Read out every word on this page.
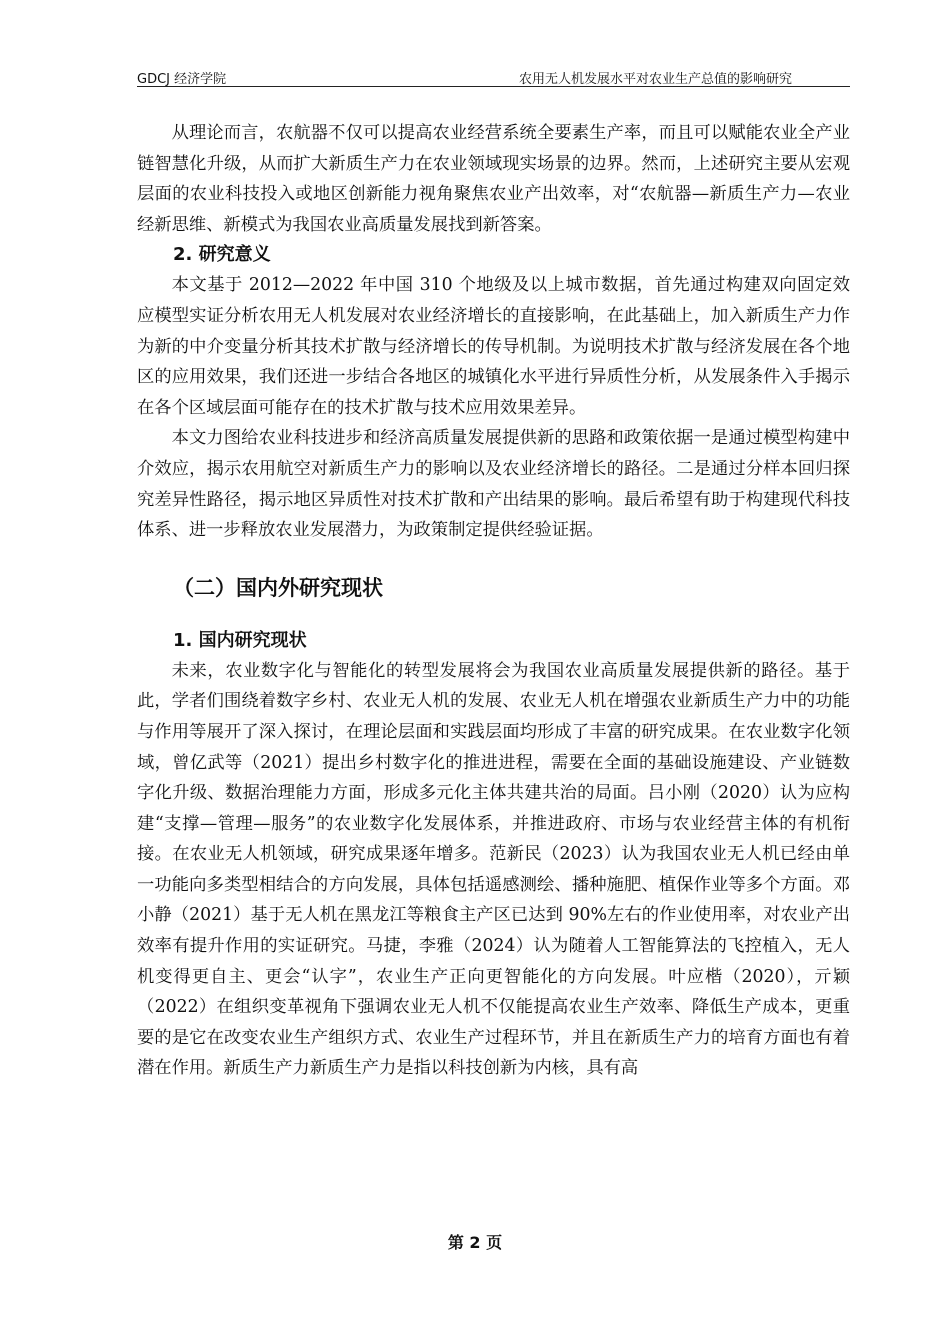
GDCJ 经济学院	农用无人机发展水平对农业生产总值的影响研究

从理论而言，农航器不仅可以提高农业经营系统全要素生产率，而且可以赋能农业全产业链智慧化升级，从而扩大新质生产力在农业领域现实场景的边界。然而，上述研究主要从宏观层面的农业科技投入或地区创新能力视角聚焦农业产出效率，对“农航器—新质生产力—农业经新思维、新模式为我国农业高质量发展找到新答案。

2. 研究意义

本文基于 2012—2022 年中国 310 个地级及以上城市数据，首先通过构建双向固定效应模型实证分析农用无人机发展对农业经济增长的直接影响，在此基础上，加入新质生产力作为新的中介变量分析其技术扩散与经济增长的传导机制。为说明技术扩散与经济发展在各个地区的应用效果，我们还进一步结合各地区的城镇化水平进行异质性分析，从发展条件入手揭示在各个区域层面可能存在的技术扩散与技术应用效果差异。

本文力图给农业科技进步和经济高质量发展提供新的思路和政策依据一是通过模型构建中介效应，揭示农用航空对新质生产力的影响以及农业经济增长的路径。二是通过分样本回归探究差异性路径，揭示地区异质性对技术扩散和产出结果的影响。最后希望有助于构建现代科技体系、进一步释放农业发展潜力，为政策制定提供经验证据。

（二）国内外研究现状
1. 国内研究现状

未来，农业数字化与智能化的转型发展将会为我国农业高质量发展提供新的路径。基于此，学者们围绕着数字乡村、农业无人机的发展、农业无人机在增强农业新质生产力中的功能与作用等展开了深入探讨，在理论层面和实践层面均形成了丰富的研究成果。在农业数字化领域，曾亿武等（2021）提出乡村数字化的推进进程，需要在全面的基础设施建设、产业链数字化升级、数据治理能力方面，形成多元化主体共建共治的局面。吕小刚（2020）认为应构建“支撑—管理—服务”的农业数字化发展体系，并推进政府、市场与农业经营主体的有机衔接。在农业无人机领域，研究成果逐年增多。范新民（2023）认为我国农业无人机已经由单一功能向多类型相结合的方向发展，具体包括遥感测绘、播种施肥、植保作业等多个方面。邓小静（2021）基于无人机在黑龙江等粮食主产区已达到 90%左右的作业使用率，对农业产出效率有提升作用的实证研究。马捷，李雅（2024）认为随着人工智能算法的飞控植入，无人机变得更自主、更会“认字”，农业生产正向更智能化的方向发展。叶应楷（2020），亓颖（2022）在组织变革视角下强调农业无人机不仅能提高农业生产效率、降低生产成本，更重要的是它在改变农业生产组织方式、农业生产过程环节，并且在新质生产力的培育方面也有着潜在作用。新质生产力新质生产力是指以科技创新为内核，具有高

第 2 页
